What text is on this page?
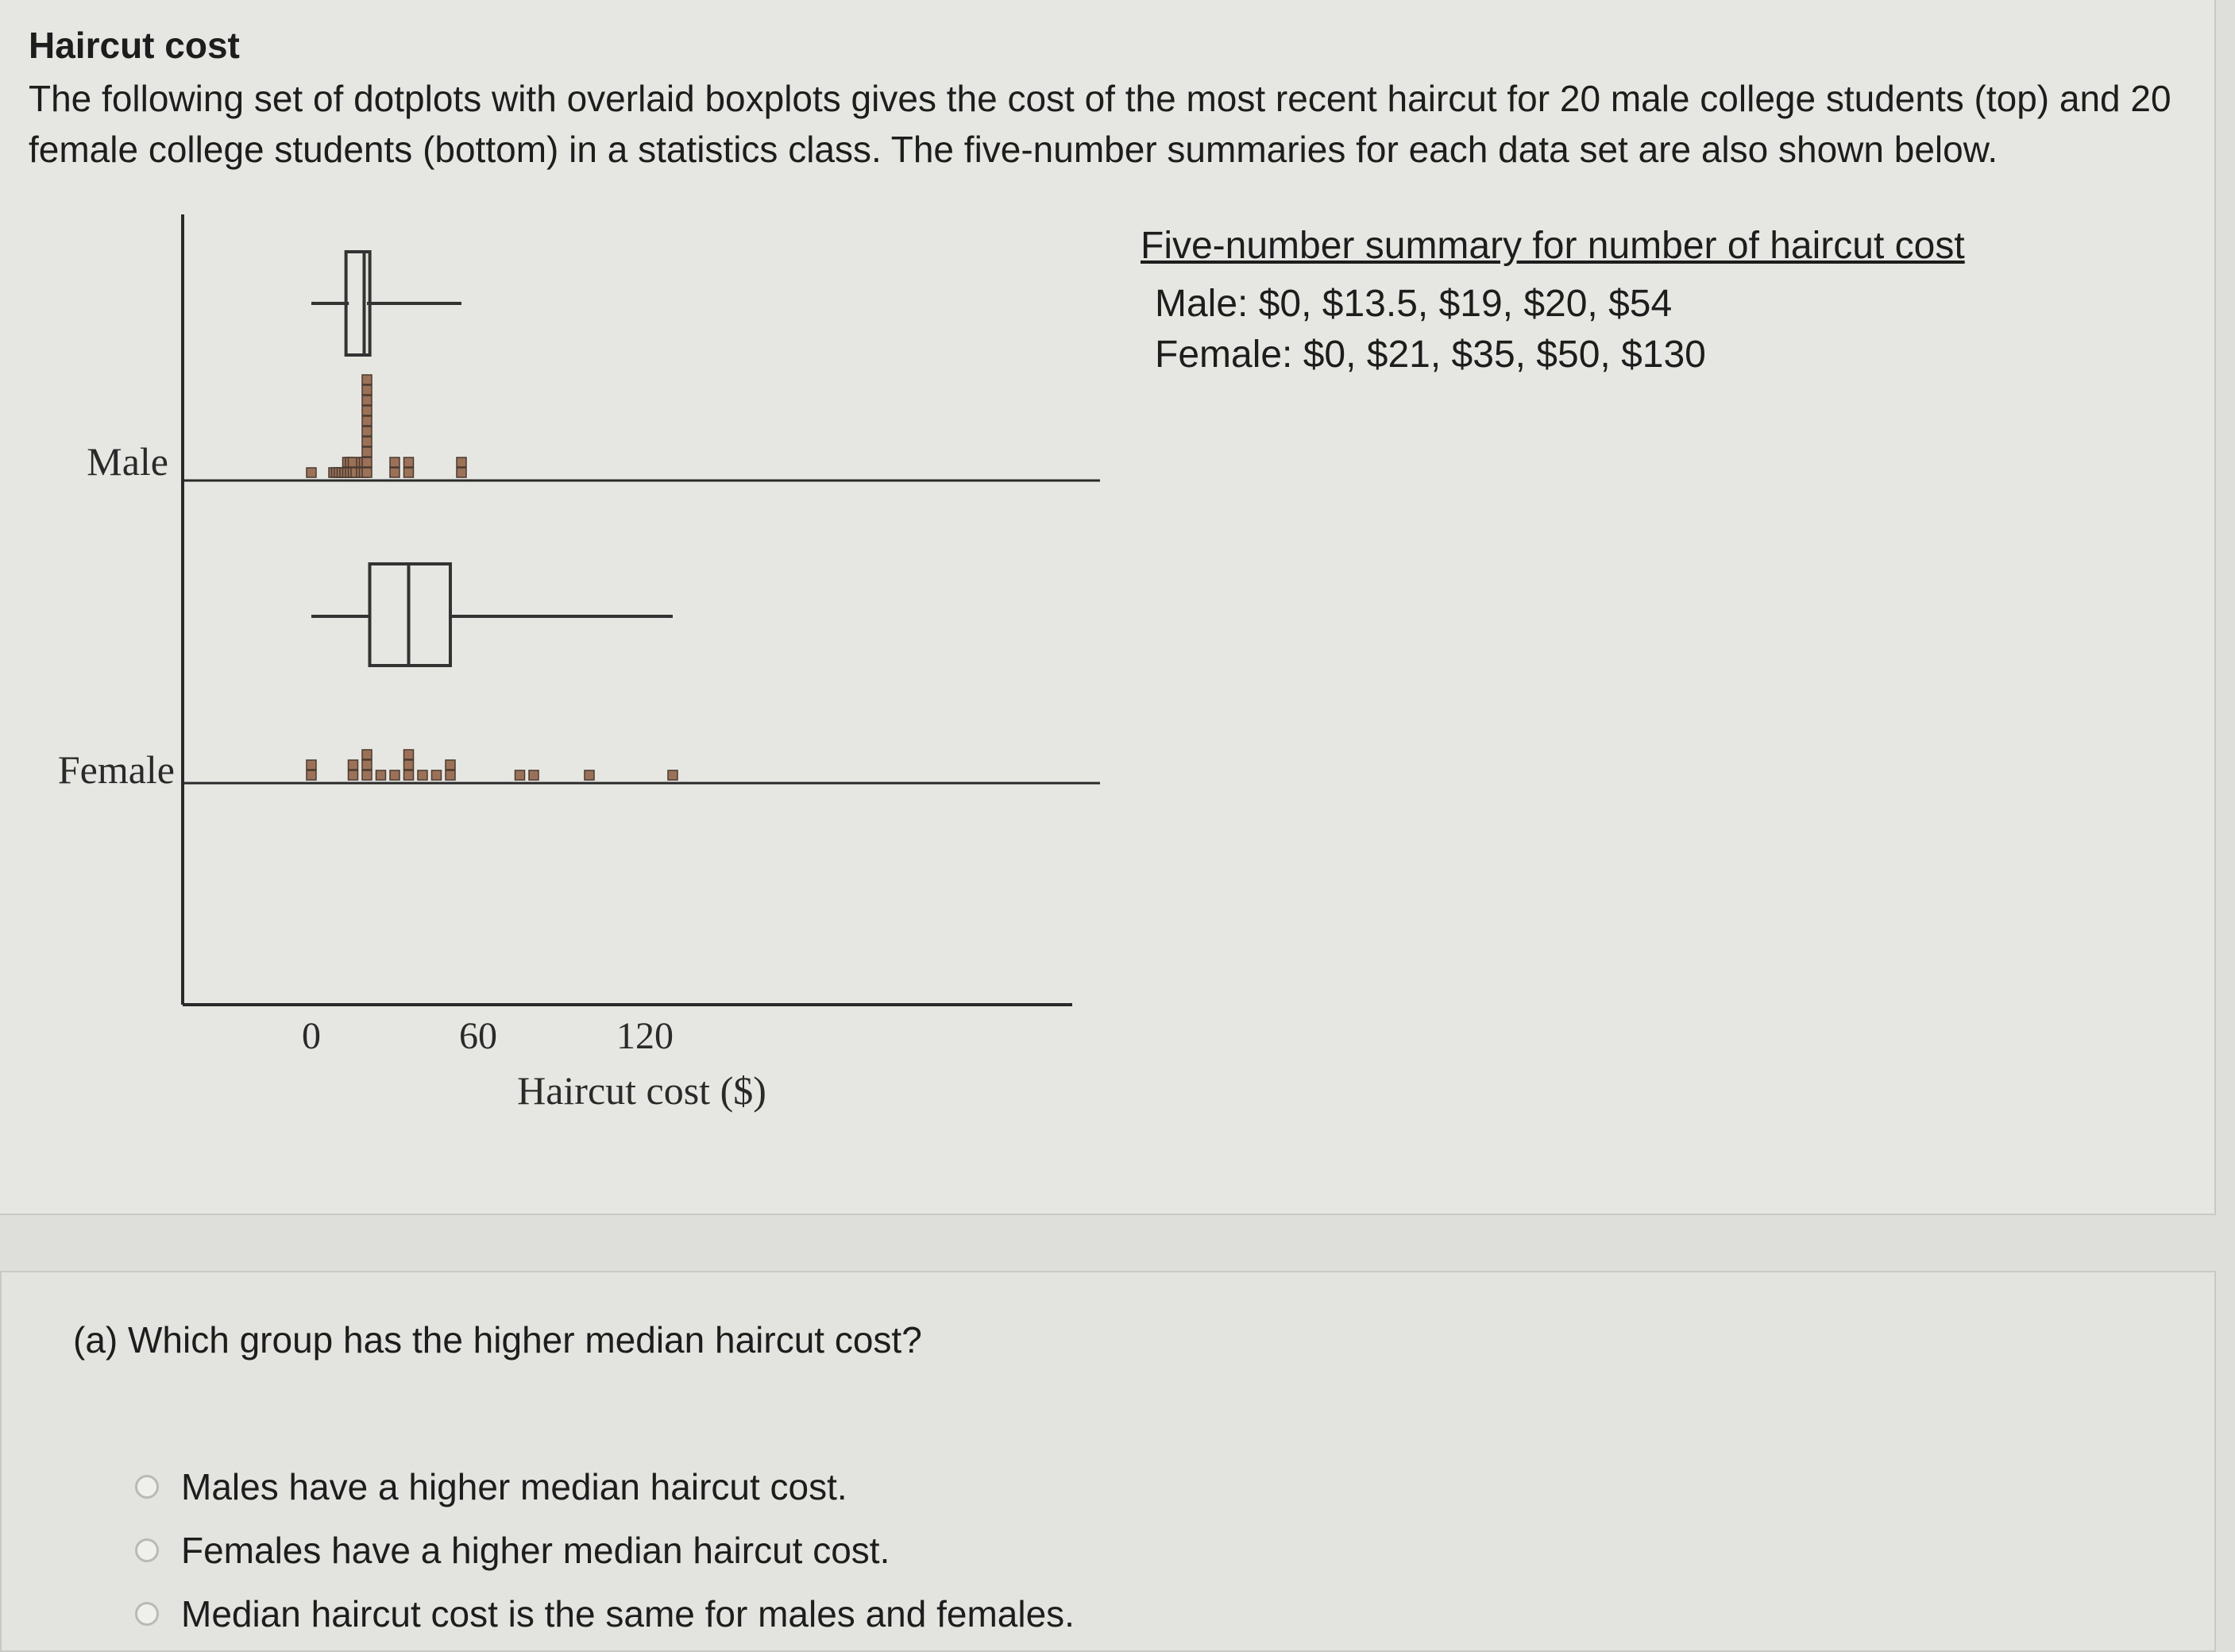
Haircut cost
The following set of dotplots with overlaid boxplots gives the cost of the most recent haircut for 20 male college students (top) and 20 female college students (bottom) in a statistics class. The five-number summaries for each data set are also shown below.
0	60	120
Haircut cost ($)
Male
Female
Five-number summary for number of haircut cost
Male: $0, $13.5, $19, $20, $54
Female: $0, $21, $35, $50, $130
(a) Which group has the higher median haircut cost?
Males have a higher median haircut cost.
Females have a higher median haircut cost.
Median haircut cost is the same for males and females.
